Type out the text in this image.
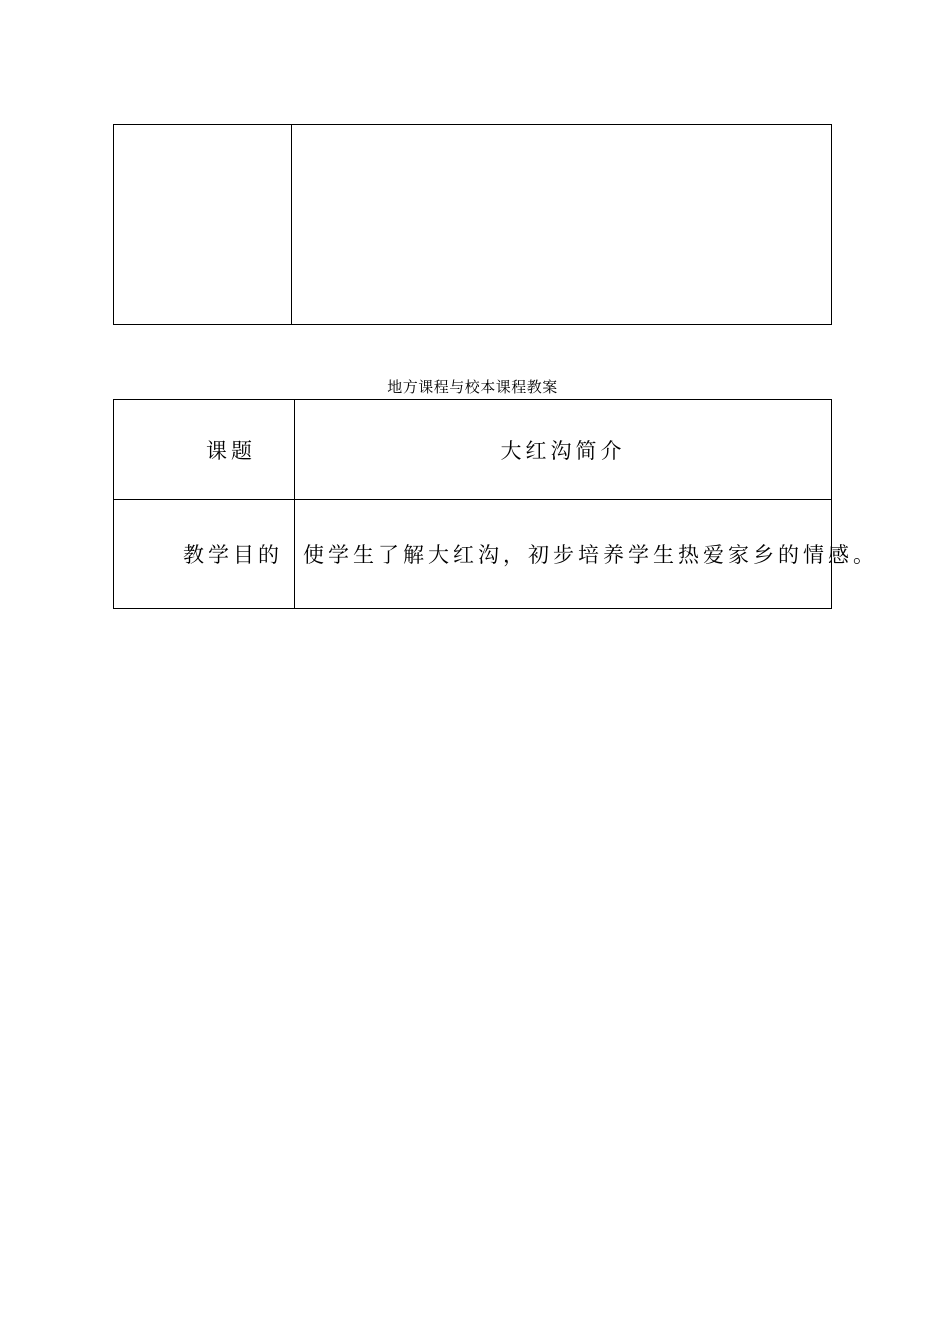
地方课程与校本课程教案
课题	大红沟简介
教学目的	使学生了解大红沟，初步培养学生热爱家乡的情感。
